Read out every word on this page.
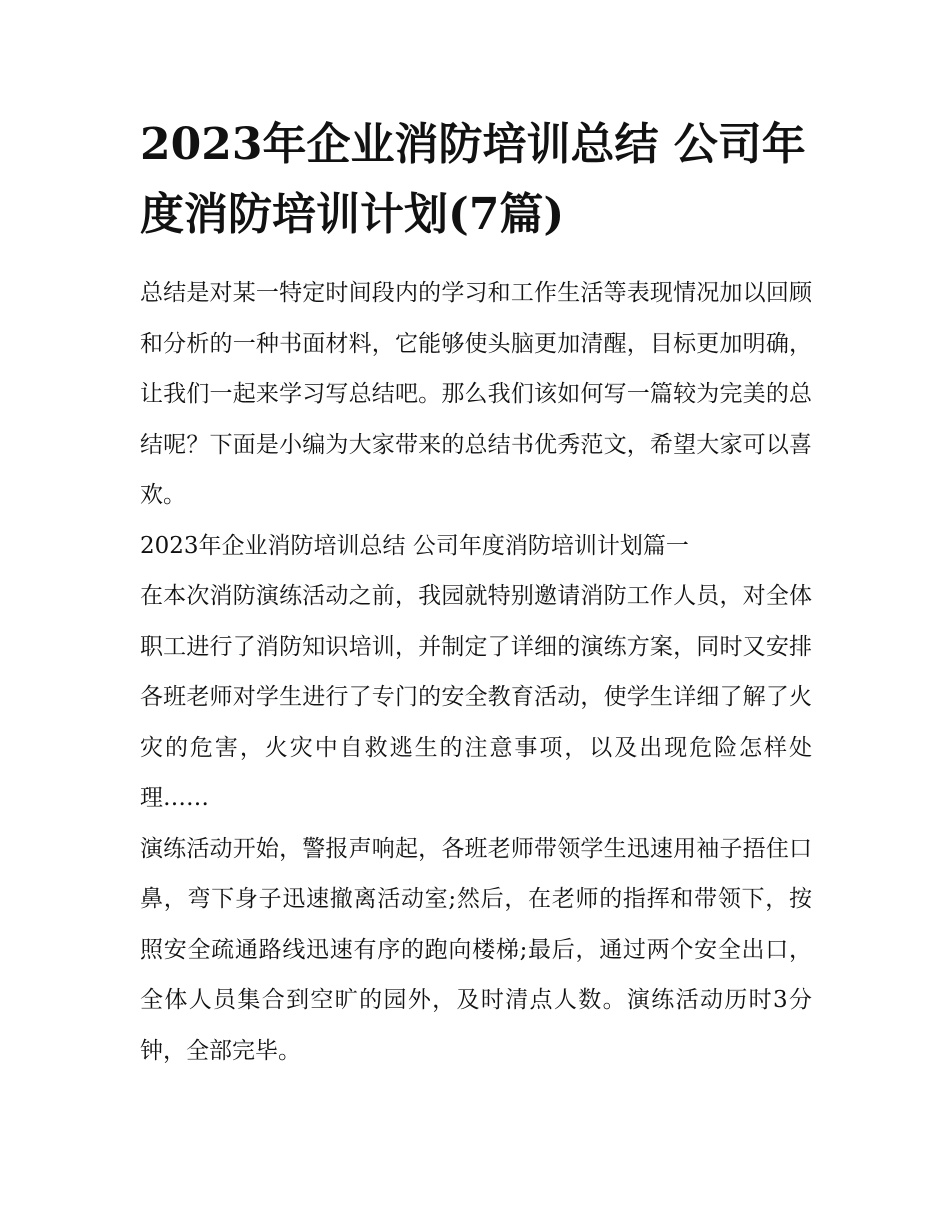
2023年企业消防培训总结 公司年度消防培训计划(7篇)

总结是对某一特定时间段内的学习和工作生活等表现情况加以回顾和分析的一种书面材料，它能够使头脑更加清醒，目标更加明确，让我们一起来学习写总结吧。那么我们该如何写一篇较为完美的总结呢？下面是小编为大家带来的总结书优秀范文，希望大家可以喜欢。

2023年企业消防培训总结 公司年度消防培训计划篇一

在本次消防演练活动之前，我园就特别邀请消防工作人员，对全体职工进行了消防知识培训，并制定了详细的演练方案，同时又安排各班老师对学生进行了专门的安全教育活动，使学生详细了解了火灾的危害，火灾中自救逃生的注意事项，以及出现危险怎样处理……

演练活动开始，警报声响起，各班老师带领学生迅速用袖子捂住口鼻，弯下身子迅速撤离活动室;然后，在老师的指挥和带领下，按照安全疏通路线迅速有序的跑向楼梯;最后，通过两个安全出口，全体人员集合到空旷的园外，及时清点人数。演练活动历时3分钟，全部完毕。
